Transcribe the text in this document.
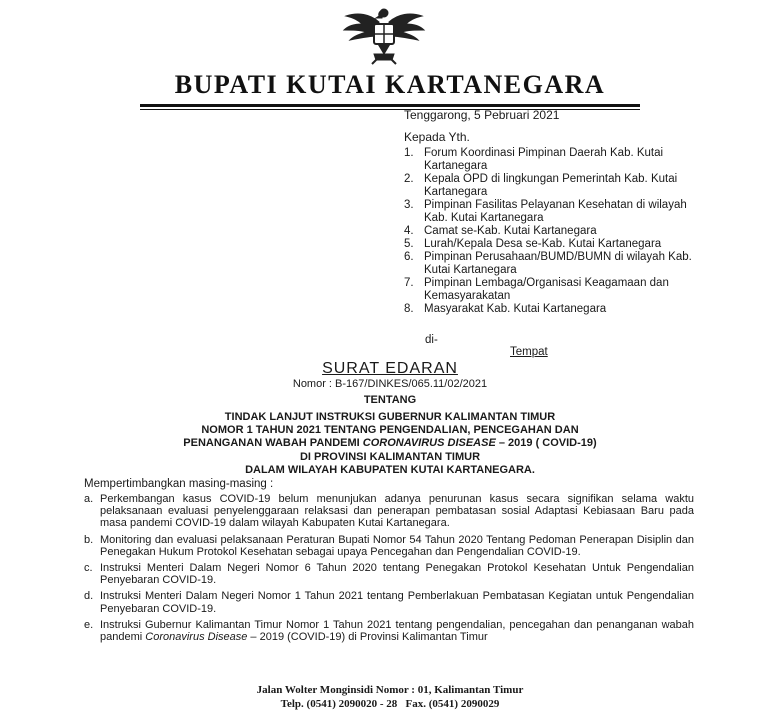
BUPATI KUTAI KARTANEGARA
Tenggarong, 5 Pebruari 2021
Kepada Yth.
1. Forum Koordinasi Pimpinan Daerah Kab. Kutai Kartanegara
2. Kepala OPD di lingkungan Pemerintah Kab. Kutai Kartanegara
3. Pimpinan Fasilitas Pelayanan Kesehatan di wilayah Kab. Kutai Kartanegara
4. Camat se-Kab. Kutai Kartanegara
5. Lurah/Kepala Desa se-Kab. Kutai Kartanegara
6. Pimpinan Perusahaan/BUMD/BUMN di wilayah Kab. Kutai Kartanegara
7. Pimpinan Lembaga/Organisasi Keagamaan dan Kemasyarakatan
8. Masyarakat Kab. Kutai Kartanegara
di-
Tempat
SURAT EDARAN
Nomor : B-167/DINKES/065.11/02/2021
TENTANG
TINDAK LANJUT INSTRUKSI GUBERNUR KALIMANTAN TIMUR
NOMOR 1 TAHUN 2021 TENTANG PENGENDALIAN, PENCEGAHAN DAN
PENANGANAN WABAH PANDEMI CORONAVIRUS DISEASE – 2019 ( COVID-19)
DI PROVINSI KALIMANTAN TIMUR
DALAM WILAYAH KABUPATEN KUTAI KARTANEGARA.
Mempertimbangkan masing-masing :
a. Perkembangan kasus COVID-19 belum menunjukan adanya penurunan kasus secara signifikan selama waktu pelaksanaan evaluasi penyelenggaraan relaksasi dan penerapan pembatasan sosial Adaptasi Kebiasaan Baru pada masa pandemi COVID-19 dalam wilayah Kabupaten Kutai Kartanegara.
b. Monitoring dan evaluasi pelaksanaan Peraturan Bupati Nomor 54 Tahun 2020 Tentang Pedoman Penerapan Disiplin dan Penegakan Hukum Protokol Kesehatan sebagai upaya Pencegahan dan Pengendalian COVID-19.
c. Instruksi Menteri Dalam Negeri Nomor 6 Tahun 2020 tentang Penegakan Protokol Kesehatan Untuk Pengendalian Penyebaran COVID-19.
d. Instruksi Menteri Dalam Negeri Nomor 1 Tahun 2021 tentang Pemberlakuan Pembatasan Kegiatan untuk Pengendalian Penyebaran COVID-19.
e. Instruksi Gubernur Kalimantan Timur Nomor 1 Tahun 2021 tentang pengendalian, pencegahan dan penanganan wabah pandemi Coronavirus Disease – 2019 (COVID-19) di Provinsi Kalimantan Timur
Jalan Wolter Monginsidi Nomor : 01, Kalimantan Timur
Telp. (0541) 2090020 - 28   Fax. (0541) 2090029
